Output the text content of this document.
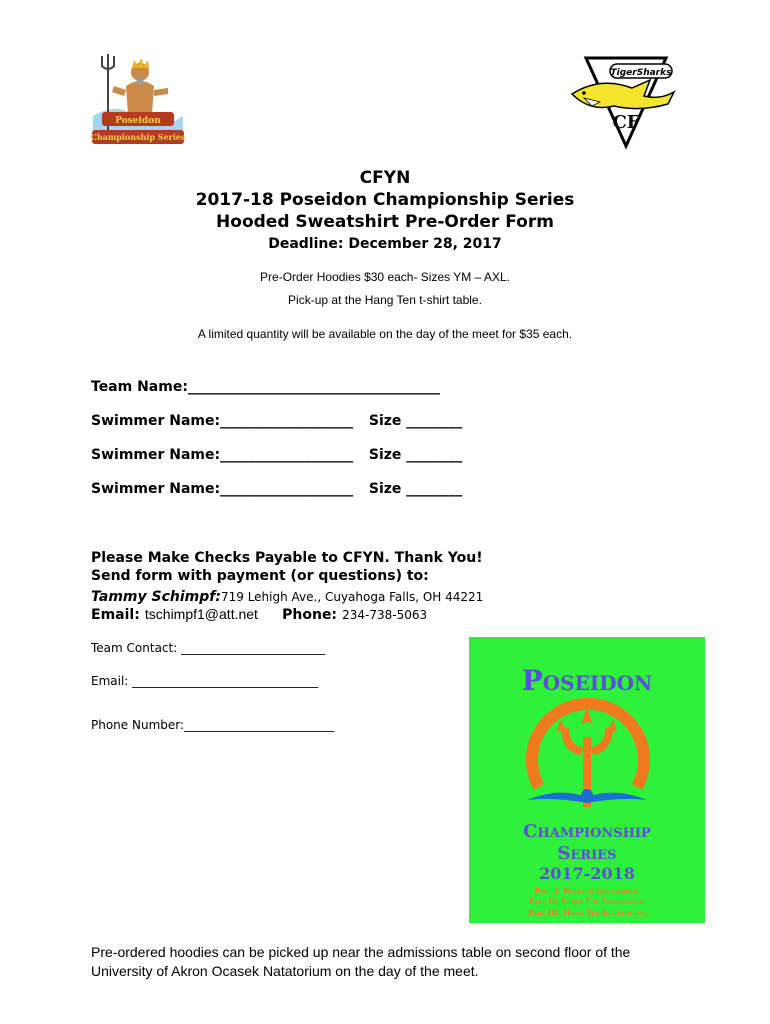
Poseidon
Championship Series
TigerSharks
CF
CFYN
2017-18 Poseidon Championship Series
Hooded Sweatshirt Pre-Order Form
Deadline: December 28, 2017
Pre-Order Hoodies $30 each- Sizes YM – AXL.
Pick-up at the Hang Ten t-shirt table.
A limited quantity will be available on the day of the meet for $35 each.
Team Name:____________________________________
Swimmer Name:___________________ Size ________
Swimmer Name:___________________ Size ________
Swimmer Name:___________________ Size ________
Please Make Checks Payable to CFYN. Thank You!
Send form with payment (or questions) to:
Tammy Schimpf:719 Lehigh Ave., Cuyahoga Falls, OH 44221
Email: tschimpf1@att.net Phone: 234-738-5063
Team Contact: ________________________
Email: _______________________________
Phone Number:_________________________
Poseidon
Championship
Series
2017-2018
Part I: Buckeye Invitational
Part II: Silver Fox Invitational
Part III: Hang Ten Invitational
Pre-ordered hoodies can be picked up near the admissions table on second floor of the
University of Akron Ocasek Natatorium on the day of the meet.
